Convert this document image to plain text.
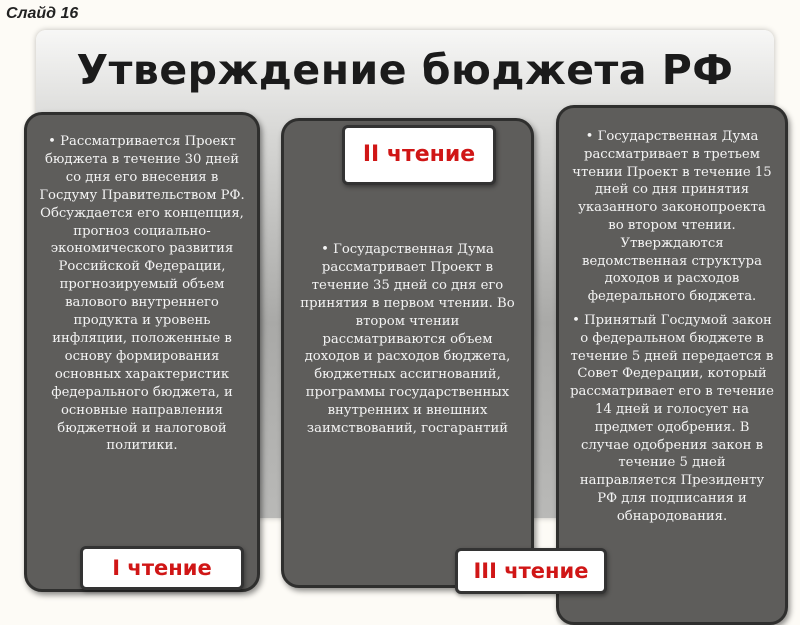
Слайд 16
Утверждение бюджета РФ

• Рассматривается Проект бюджета в течение 30 дней со дня его внесения в Госдуму Правительством РФ. Обсуждается его концепция, прогноз социально-экономического развития Российской Федерации, прогнозируемый объем валового внутреннего продукта и уровень инфляции, положенные в основу формирования основных характеристик федерального бюджета, и основные направления бюджетной и налоговой политики.

• Государственная Дума рассматривает Проект в течение 35 дней со дня его принятия в первом чтении. Во втором чтении рассматриваются объем доходов и расходов бюджета, бюджетных ассигнований, программы государственных внутренних и внешних заимствований, госгарантий

• Государственная Дума рассматривает в третьем чтении Проект в течение 15 дней со дня принятия указанного законопроекта во втором чтении. Утверждаются ведомственная структура доходов и расходов федерального бюджета.

• Принятый Госдумой закон о федеральном бюджете в течение 5 дней передается в Совет Федерации, который рассматривает его в течение 14 дней и голосует на предмет одобрения. В случае одобрения закон в течение 5 дней направляется Президенту РФ для подписания и обнародования.

I чтение
II чтение
III чтение
